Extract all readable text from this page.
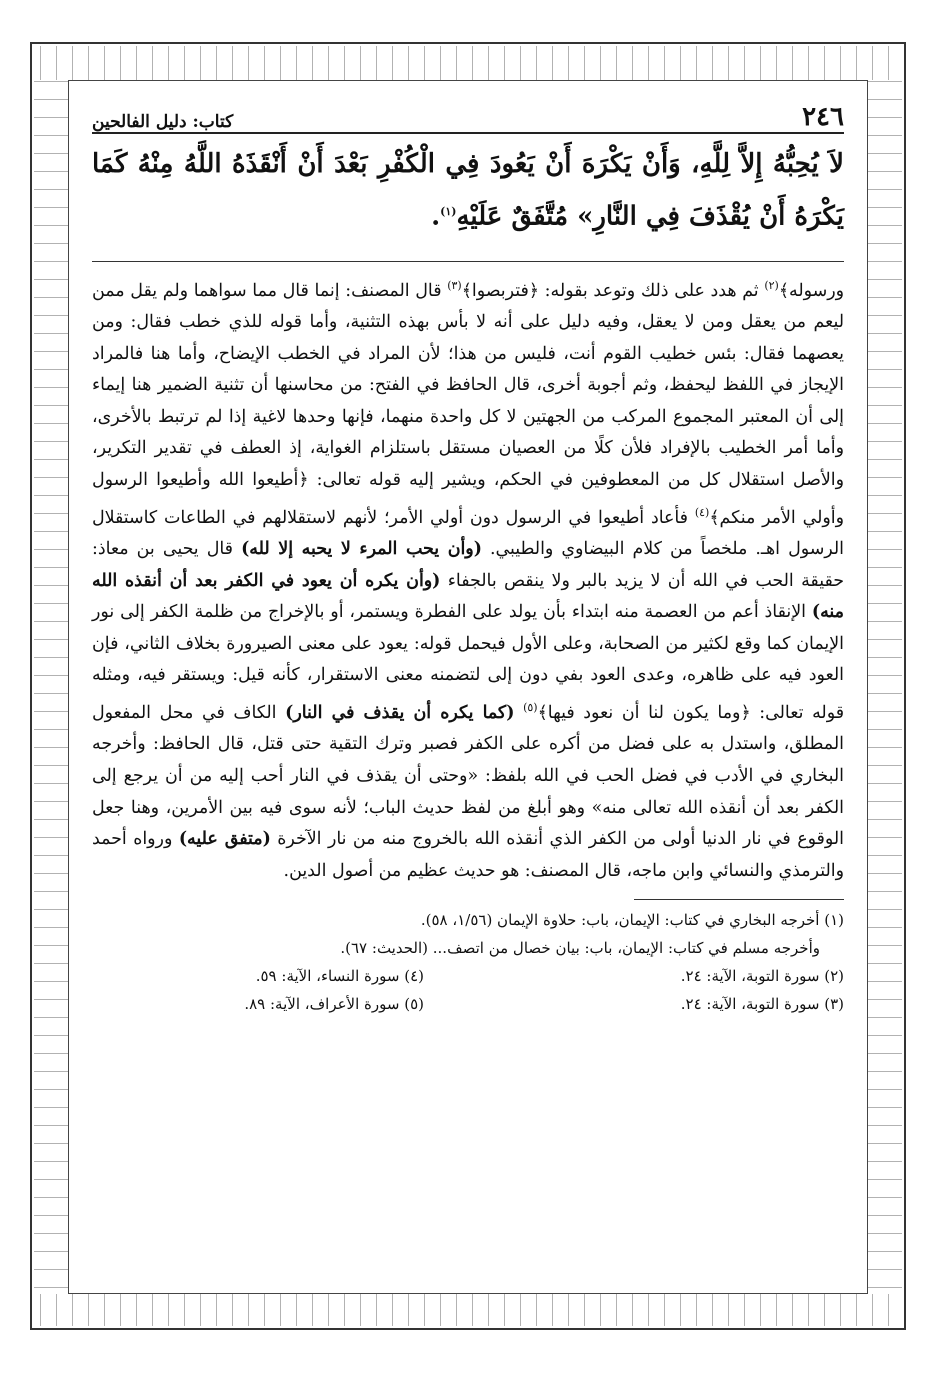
٢٤٦
كتاب: دليل الفالحين
لاَ يُحِبُّهُ إِلاَّ لِلَّهِ، وَأَنْ يَكْرَهَ أَنْ يَعُودَ فِي الْكُفْرِ بَعْدَ أَنْ أَنْقَذَهُ اللَّهُ مِنْهُ كَمَا يَكْرَهُ أَنْ يُقْذَفَ فِي النَّارِ» مُتَّفَقٌ عَلَيْهِ$^{(١)}$.
ورسوله﴾$^{(٢)}$ ثم هدد على ذلك وتوعد بقوله: ﴿فتربصوا﴾$^{(٣)}$ قال المصنف: إنما قال مما سواهما ولم يقل ممن ليعم من يعقل ومن لا يعقل، وفيه دليل على أنه لا بأس بهذه التثنية، وأما قوله للذي خطب فقال: ومن يعصهما فقال: بئس خطيب القوم أنت، فليس من هذا؛ لأن المراد في الخطب الإيضاح، وأما هنا فالمراد الإيجاز في اللفظ ليحفظ، وثم أجوبة أخرى، قال الحافظ في الفتح: من محاسنها أن تثنية الضمير هنا إيماء إلى أن المعتبر المجموع المركب من الجهتين لا كل واحدة منهما، فإنها وحدها لاغية إذا لم ترتبط بالأخرى، وأما أمر الخطيب بالإفراد فلأن كلًا من العصيان مستقل باستلزام الغواية، إذ العطف في تقدير التكرير، والأصل استقلال كل من المعطوفين في الحكم، ويشير إليه قوله تعالى: ﴿أطيعوا الله وأطيعوا الرسول وأولي الأمر منكم﴾$^{(٤)}$ فأعاد أطيعوا في الرسول دون أولي الأمر؛ لأنهم لاستقلالهم في الطاعات كاستقلال الرسول اهـ. ملخصاً من كلام البيضاوي والطيبي. (وأن يحب المرء لا يحبه إلا لله) قال يحيى بن معاذ: حقيقة الحب في الله أن لا يزيد بالبر ولا ينقص بالجفاء (وأن يكره أن يعود في الكفر بعد أن أنقذه الله منه) الإنقاذ أعم من العصمة منه ابتداء بأن يولد على الفطرة ويستمر، أو بالإخراج من ظلمة الكفر إلى نور الإيمان كما وقع لكثير من الصحابة، وعلى الأول فيحمل قوله: يعود على معنى الصيرورة بخلاف الثاني، فإن العود فيه على ظاهره، وعدى العود بفي دون إلى لتضمنه معنى الاستقرار، كأنه قيل: ويستقر فيه، ومثله قوله تعالى: ﴿وما يكون لنا أن نعود فيها﴾$^{(٥)}$ (كما يكره أن يقذف في النار) الكاف في محل المفعول المطلق، واستدل به على فضل من أكره على الكفر فصبر وترك التقية حتى قتل، قال الحافظ: وأخرجه البخاري في الأدب في فضل الحب في الله بلفظ: «وحتى أن يقذف في النار أحب إليه من أن يرجع إلى الكفر بعد أن أنقذه الله تعالى منه» وهو أبلغ من لفظ حديث الباب؛ لأنه سوى فيه بين الأمرين، وهنا جعل الوقوع في نار الدنيا أولى من الكفر الذي أنقذه الله بالخروج منه من نار الآخرة (متفق عليه) ورواه أحمد والترمذي والنسائي وابن ماجه، قال المصنف: هو حديث عظيم من أصول الدين.
(١) أخرجه البخاري في كتاب: الإيمان، باب: حلاوة الإيمان (١/٥٦، ٥٨).
وأخرجه مسلم في كتاب: الإيمان، باب: بيان خصال من اتصف... (الحديث: ٦٧).
(٢) سورة التوبة، الآية: ٢٤.
(٤) سورة النساء، الآية: ٥٩.
(٣) سورة التوبة، الآية: ٢٤.
(٥) سورة الأعراف، الآية: ٨٩.
